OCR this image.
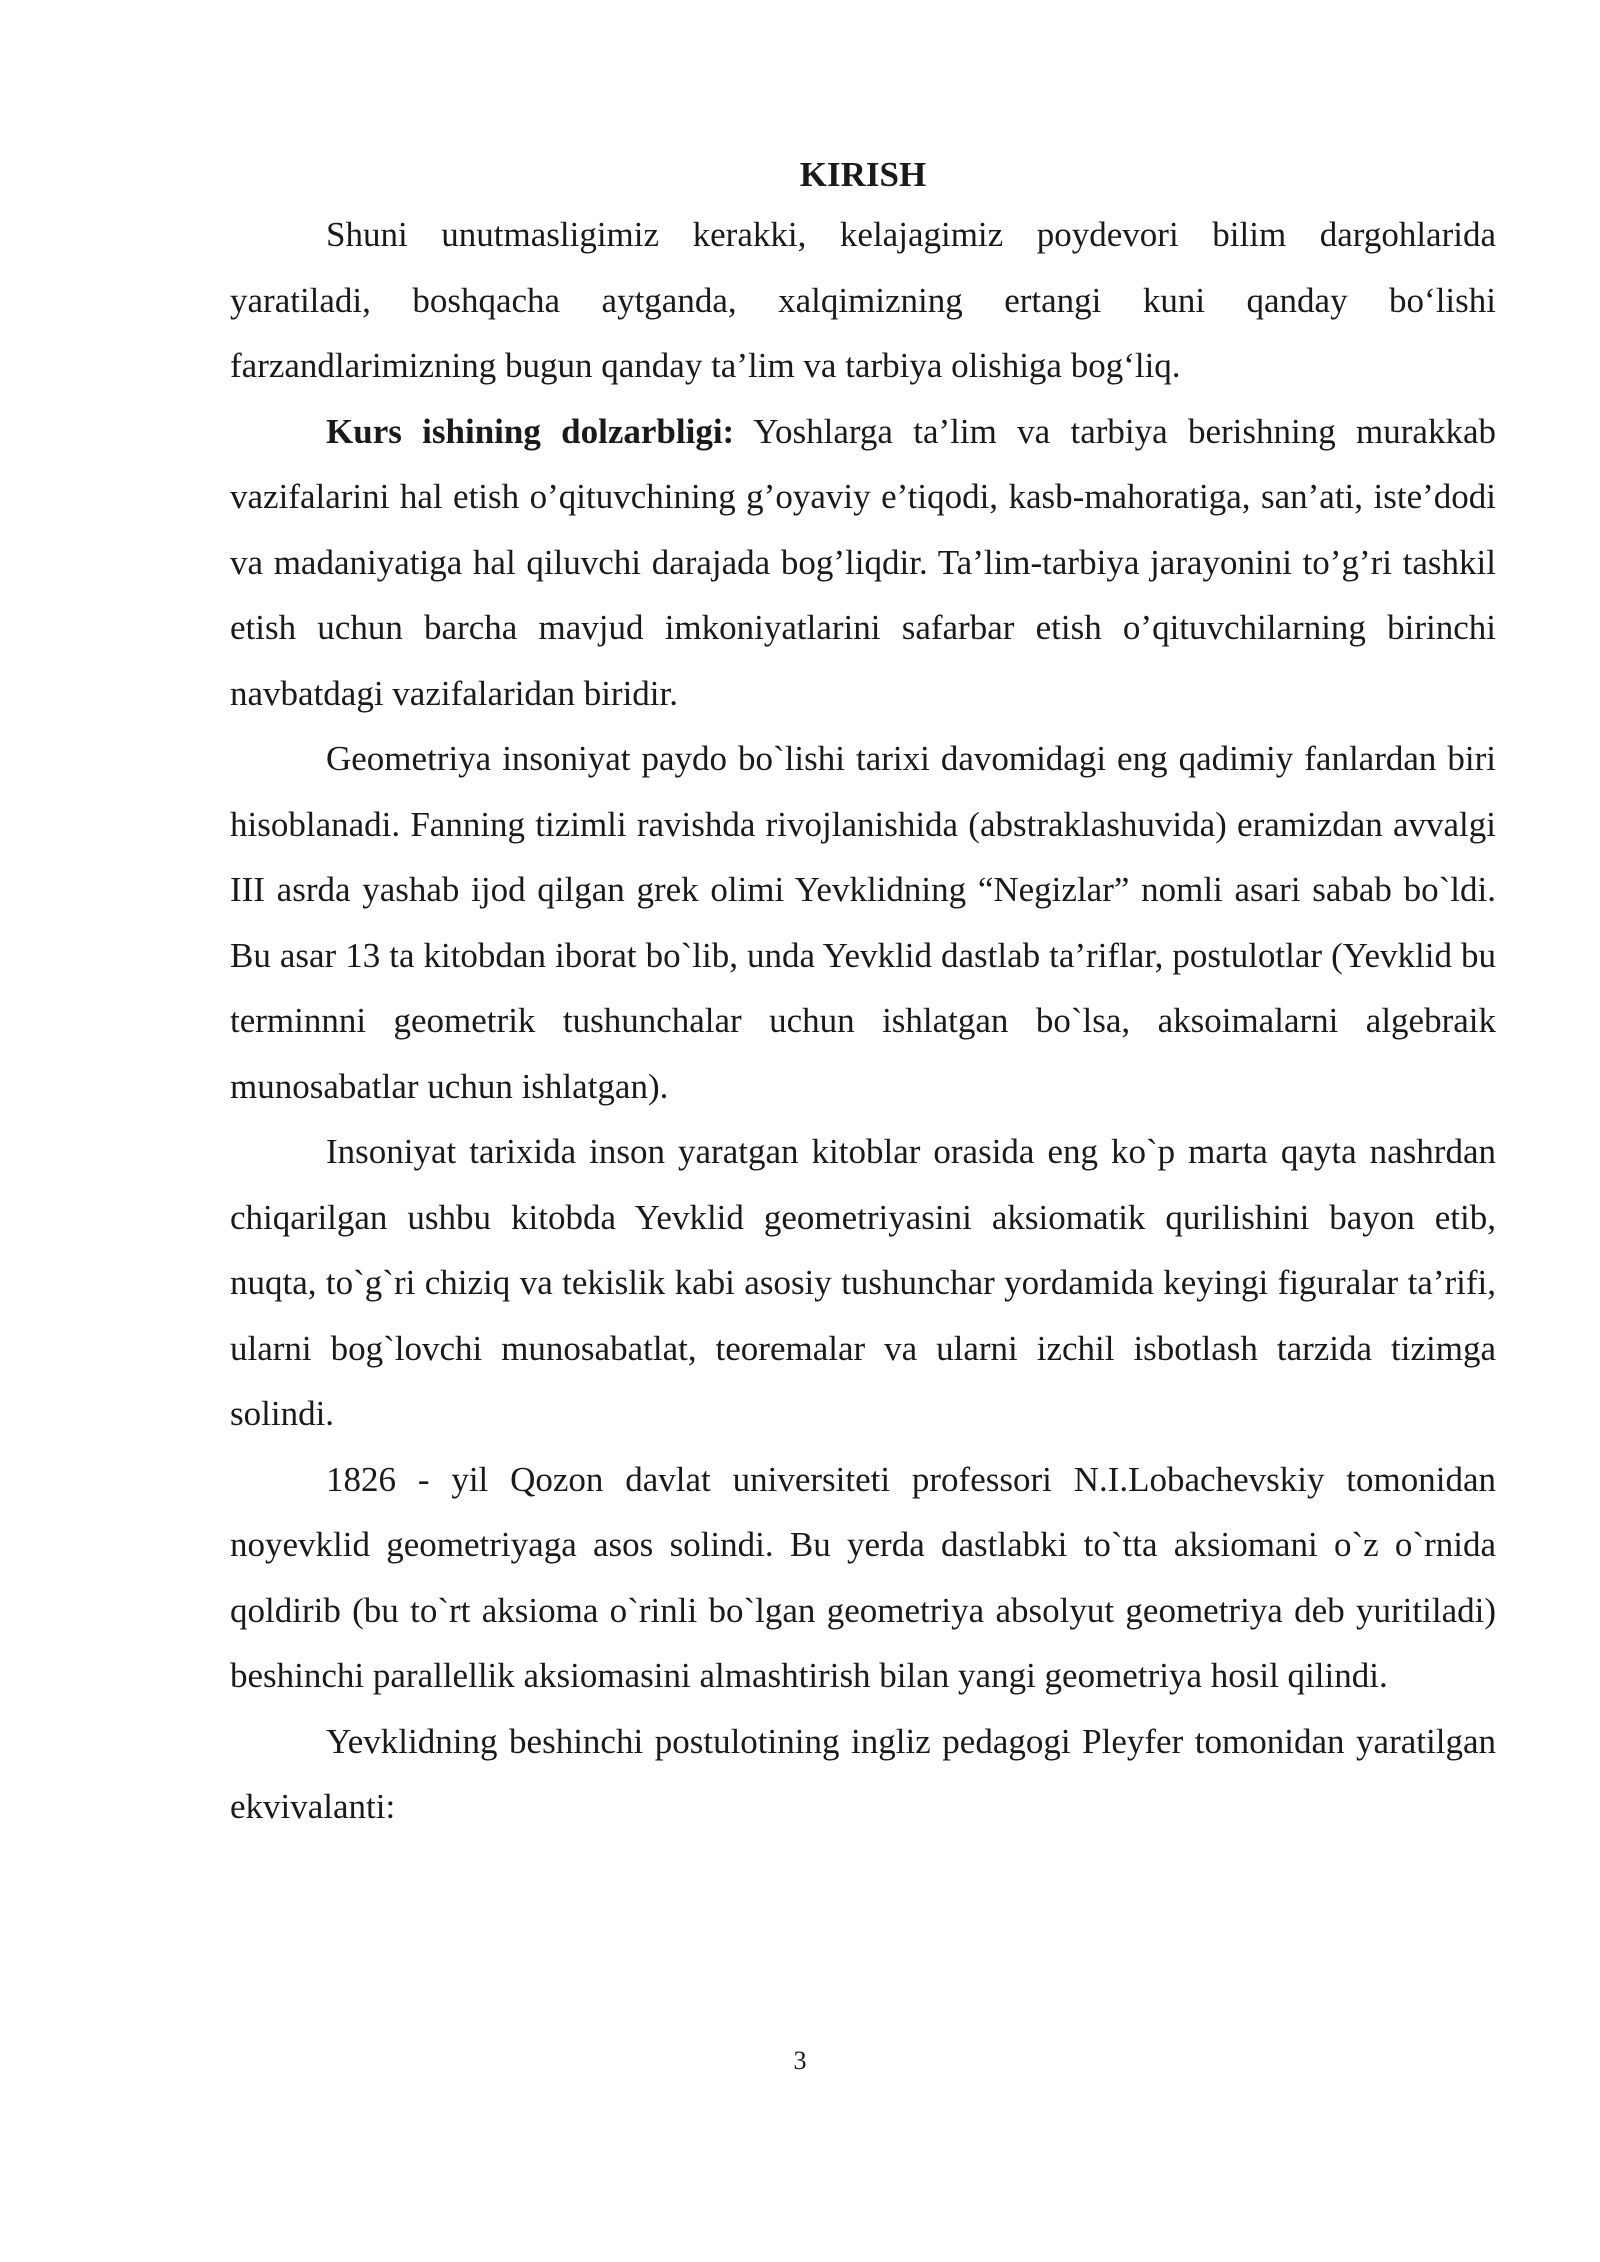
KIRISH

Shuni unutmasligimiz kerakki, kelajagimiz poydevori bilim dargohlarida yaratiladi, boshqacha aytganda, xalqimizning ertangi kuni qanday bo‘lishi farzandlarimizning bugun qanday ta’lim va tarbiya olishiga bog‘liq.

Kurs ishining dolzarbligi: Yoshlarga ta’lim va tarbiya berishning murakkab vazifalarini hal etish o’qituvchining g’oyaviy e’tiqodi, kasb-mahoratiga, san’ati, iste’dodi va madaniyatiga hal qiluvchi darajada bog’liqdir. Ta’lim-tarbiya jarayonini to’g’ri tashkil etish uchun barcha mavjud imkoniyatlarini safarbar etish o’qituvchilarning birinchi navbatdagi vazifalaridan biridir.

Geometriya insoniyat paydo bo`lishi tarixi davomidagi eng qadimiy fanlardan biri hisoblanadi. Fanning tizimli ravishda rivojlanishida (abstraklashuvida) eramizdan avvalgi III asrda yashab ijod qilgan grek olimi Yevklidning “Negizlar” nomli asari sabab bo`ldi. Bu asar 13 ta kitobdan iborat bo`lib, unda Yevklid dastlab ta’riflar, postulotlar (Yevklid bu terminnni geometrik tushunchalar uchun ishlatgan bo`lsa, aksoimalarni algebraik munosabatlar uchun ishlatgan).

Insoniyat tarixida inson yaratgan kitoblar orasida eng ko`p marta qayta nashrdan chiqarilgan ushbu kitobda Yevklid geometriyasini aksiomatik qurilishini bayon etib, nuqta, to`g`ri chiziq va tekislik kabi asosiy tushunchar yordamida keyingi figuralar ta’rifi, ularni bog`lovchi munosabatlat, teoremalar va ularni izchil isbotlash tarzida tizimga solindi.

1826 - yil Qozon davlat universiteti professori N.I.Lobachevskiy tomonidan noyevklid geometriyaga asos solindi. Bu yerda dastlabki to`tta aksiomani o`z o`rnida qoldirib (bu to`rt aksioma o`rinli bo`lgan geometriya absolyut geometriya deb yuritiladi) beshinchi parallellik aksiomasini almashtirish bilan yangi geometriya hosil qilindi.

Yevklidning beshinchi postulotining ingliz pedagogi Pleyfer tomonidan yaratilgan ekvivalanti:

3
